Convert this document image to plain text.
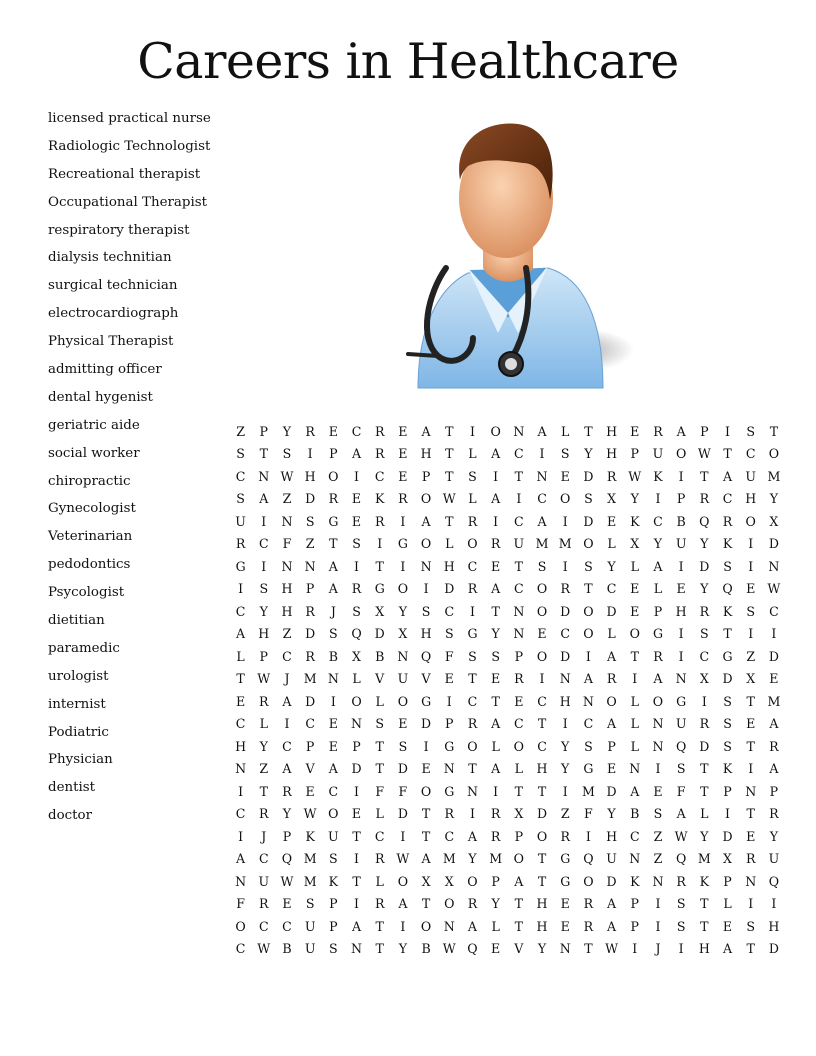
Careers in Healthcare
licensed practical nurse
Radiologic Technologist
Recreational therapist
Occupational Therapist
respiratory therapist
dialysis technitian
surgical technician
electrocardiograph
Physical Therapist
admitting officer
dental hygenist
geriatric aide
social worker
chiropractic
Gynecologist
Veterinarian
pedodontics
Psycologist
dietitian
paramedic
urologist
internist
Podiatric
Physician
dentist
doctor
Z	P	Y	R	E	C	R	E	A	T	I	O	N	A	L	T	H	E	R	A	P	I	S	T
S	T	S	I	P	A	R	E	H	T	L	A	C	I	S	Y	H	P	U	O	W	T	C	O
C	N	W	H	O	I	C	E	P	T	S	I	T	N	E	D	R	W	K	I	T	A	U	M
S	A	Z	D	R	E	K	R	O	W	L	A	I	C	O	S	X	Y	I	P	R	C	H	Y
U	I	N	S	G	E	R	I	A	T	R	I	C	A	I	D	E	K	C	B	Q	R	O	X
R	C	F	Z	T	S	I	G	O	L	O	R	U	M	M	O	L	X	Y	U	Y	K	I	D
G	I	N	N	A	I	T	I	N	H	C	E	T	S	I	S	Y	L	A	I	D	S	I	N
I	S	H	P	A	R	G	O	I	D	R	A	C	O	R	T	C	E	L	E	Y	Q	E	W
C	Y	H	R	J	S	X	Y	S	C	I	T	N	O	D	O	D	E	P	H	R	K	S	C
A	H	Z	D	S	Q	D	X	H	S	G	Y	N	E	C	O	L	O	G	I	S	T	I	I
L	P	C	R	B	X	B	N	Q	F	S	S	P	O	D	I	A	T	R	I	C	G	Z	D
T	W	J	M	N	L	V	U	V	E	T	E	R	I	N	A	R	I	A	N	X	D	X	E
E	R	A	D	I	O	L	O	G	I	C	T	E	C	H	N	O	L	O	G	I	S	T	M
C	L	I	C	E	N	S	E	D	P	R	A	C	T	I	C	A	L	N	U	R	S	E	A
H	Y	C	P	E	P	T	S	I	G	O	L	O	C	Y	S	P	L	N	Q	D	S	T	R
N	Z	A	V	A	D	T	D	E	N	T	A	L	H	Y	G	E	N	I	S	T	K	I	A
I	T	R	E	C	I	F	F	O	G	N	I	T	T	I	M	D	A	E	F	T	P	N	P
C	R	Y	W	O	E	L	D	T	R	I	R	X	D	Z	F	Y	B	S	A	L	I	T	R
I	J	P	K	U	T	C	I	T	C	A	R	P	O	R	I	H	C	Z	W	Y	D	E	Y
A	C	Q	M	S	I	R	W	A	M	Y	M	O	T	G	Q	U	N	Z	Q	M	X	R	U
N	U	W	M	K	T	L	O	X	X	O	P	A	T	G	O	D	K	N	R	K	P	N	Q
F	R	E	S	P	I	R	A	T	O	R	Y	T	H	E	R	A	P	I	S	T	L	I	I
O	C	C	U	P	A	T	I	O	N	A	L	T	H	E	R	A	P	I	S	T	E	S	H
C	W	B	U	S	N	T	Y	B	W	Q	E	V	Y	N	T	W	I	J	I	H	A	T	D
